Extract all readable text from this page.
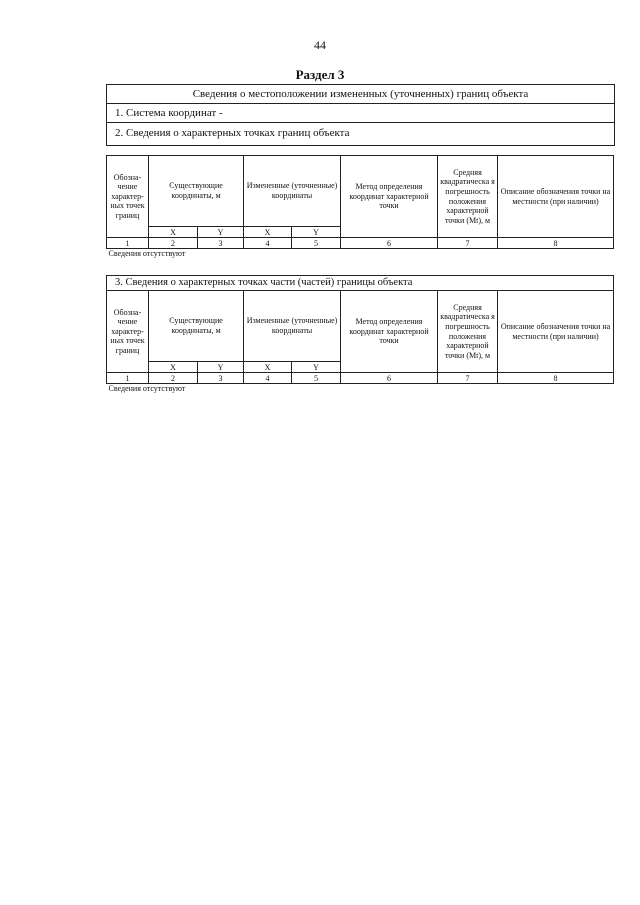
44
Раздел 3
Сведения о местоположении измененных (уточненных) границ объекта
1. Система координат -
2. Сведения о характерных точках границ объекта
Обозна-чение характер-ных точек границ	Существующие координаты, м		Измененные (уточненные) координаты		Метод определения координат характерной точки	Средняя квадратическа я погрешность положения характерной точки (Mt), м	Описание обозначения точки на местности (при наличии)
	X	Y	X	Y			
1	2	3	4	5	6	7	8
Сведения отсутствуют							
3. Сведения о характерных точках части (частей) границы объекта							
Обозна-чение характер-ных точек границ	Существующие координаты, м		Измененные (уточненные) координаты		Метод определения координат характерной точки	Средняя квадратическа я погрешность положения характерной точки (Mt), м	Описание обозначения точки на местности (при наличии)
	X	Y	X	Y			
1	2	3	4	5	6	7	8
Сведения отсутствуют							
